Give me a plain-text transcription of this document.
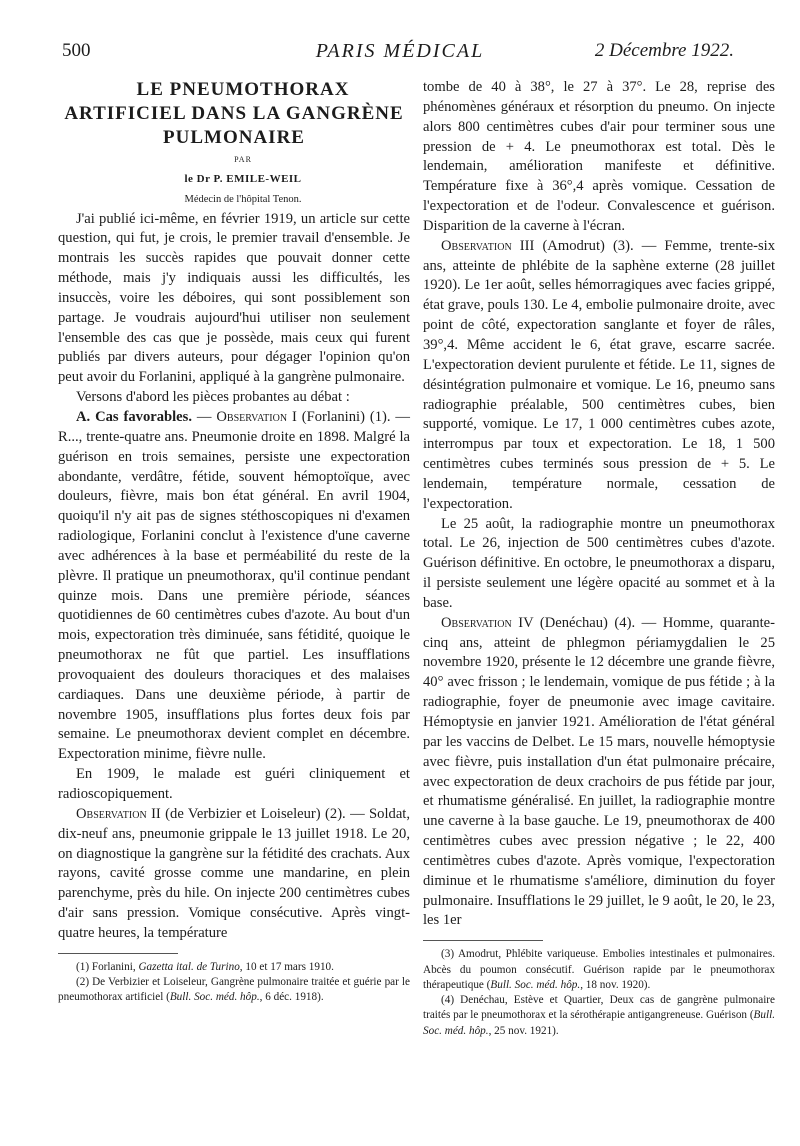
500	PARIS MÉDICAL	2 Décembre 1922.

LE PNEUMOTHORAX ARTIFICIEL DANS LA GANGRÈNE PULMONAIRE

PAR

le Dr P. EMILE-WEIL

Médecin de l'hôpital Tenon.

J'ai publié ici-même, en février 1919, un article sur cette question, qui fut, je crois, le premier travail d'ensemble. Je montrais les succès rapides que pouvait donner cette méthode, mais j'y indiquais aussi les difficultés, les insuccès, voire les déboires, qui sont possiblement son partage. Je voudrais aujourd'hui utiliser non seulement l'ensemble des cas que je possède, mais ceux qui furent publiés par divers auteurs, pour dégager l'opinion qu'on peut avoir du Forlanini, appliqué à la gangrène pulmonaire.

Versons d'abord les pièces probantes au débat :

A. Cas favorables. — Observation I (Forlanini) (1). — R..., trente-quatre ans. Pneumonie droite en 1898. Malgré la guérison en trois semaines, persiste une expectoration abondante, verdâtre, fétide, souvent hémoptoïque, avec douleurs, fièvre, mais bon état général. En avril 1904, quoiqu'il n'y ait pas de signes stéthoscopiques ni d'examen radiologique, Forlanini conclut à l'existence d'une caverne avec adhérences à la base et perméabilité du reste de la plèvre. Il pratique un pneumothorax, qu'il continue pendant quinze mois. Dans une première période, séances quotidiennes de 60 centimètres cubes d'azote. Au bout d'un mois, expectoration très diminuée, sans fétidité, quoique le pneumothorax ne fût que partiel. Les insufflations provoquaient des douleurs thoraciques et des malaises cardiaques. Dans une deuxième période, à partir de novembre 1905, insufflations plus fortes deux fois par semaine. Le pneumothorax devient complet en décembre. Expectoration minime, fièvre nulle.

En 1909, le malade est guéri cliniquement et radioscopiquement.

Observation II (de Verbizier et Loiseleur) (2). — Soldat, dix-neuf ans, pneumonie grippale le 13 juillet 1918. Le 20, on diagnostique la gangrène sur la fétidité des crachats. Aux rayons, cavité grosse comme une mandarine, en plein parenchyme, près du hile. On injecte 200 centimètres cubes d'air sans pression. Vomique consécutive. Après vingt-quatre heures, la température

(1) Forlanini, Gazetta ital. de Turino, 10 et 17 mars 1910.

(2) De Verbizier et Loiseleur, Gangrène pulmonaire traitée et guérie par le pneumothorax artificiel (Bull. Soc. méd. hôp., 6 déc. 1918).

tombe de 40 à 38°, le 27 à 37°. Le 28, reprise des phénomènes généraux et résorption du pneumo. On injecte alors 800 centimètres cubes d'air pour terminer sous une pression de + 4. Le pneumothorax est total. Dès le lendemain, amélioration manifeste et définitive. Température fixe à 36°,4 après vomique. Cessation de l'expectoration et de l'odeur. Convalescence et guérison. Disparition de la caverne à l'écran.

Observation III (Amodrut) (3). — Femme, trente-six ans, atteinte de phlébite de la saphène externe (28 juillet 1920). Le 1er août, selles hémorragiques avec facies grippé, état grave, pouls 130. Le 4, embolie pulmonaire droite, avec point de côté, expectoration sanglante et foyer de râles, 39°,4. Même accident le 6, état grave, escarre sacrée. L'expectoration devient purulente et fétide. Le 11, signes de désintégration pulmonaire et vomique. Le 16, pneumo sans radiographie préalable, 500 centimètres cubes, bien supporté, vomique. Le 17, 1 000 centimètres cubes azote, interrompus par toux et expectoration. Le 18, 1 500 centimètres cubes terminés sous pression de + 5. Le lendemain, température normale, cessation de l'expectoration.

Le 25 août, la radiographie montre un pneumothorax total. Le 26, injection de 500 centimètres cubes d'azote. Guérison définitive. En octobre, le pneumothorax a disparu, il persiste seulement une légère opacité au sommet et à la base.

Observation IV (Denéchau) (4). — Homme, quarante-cinq ans, atteint de phlegmon périamygdalien le 25 novembre 1920, présente le 12 décembre une grande fièvre, 40° avec frisson ; le lendemain, vomique de pus fétide ; à la radiographie, foyer de pneumonie avec image cavitaire. Hémoptysie en janvier 1921. Amélioration de l'état général par les vaccins de Delbet. Le 15 mars, nouvelle hémoptysie avec fièvre, puis installation d'un état pulmonaire précaire, avec expectoration de deux crachoirs de pus fétide par jour, et rhumatisme généralisé. En juillet, la radiographie montre une caverne à la base gauche. Le 19, pneumothorax de 400 centimètres cubes avec pression négative ; le 22, 400 centimètres cubes d'azote. Après vomique, l'expectoration diminue et le rhumatisme s'améliore, diminution du foyer pulmonaire. Insufflations le 29 juillet, le 9 août, le 20, le 23, les 1er

(3) Amodrut, Phlébite variqueuse. Embolies intestinales et pulmonaires. Abcès du poumon consécutif. Guérison rapide par le pneumothorax thérapeutique (Bull. Soc. méd. hôp., 18 nov. 1920).

(4) Denéchau, Estève et Quartier, Deux cas de gangrène pulmonaire traités par le pneumothorax et la sérothérapie antigangreneuse. Guérison (Bull. Soc. méd. hôp., 25 nov. 1921).
